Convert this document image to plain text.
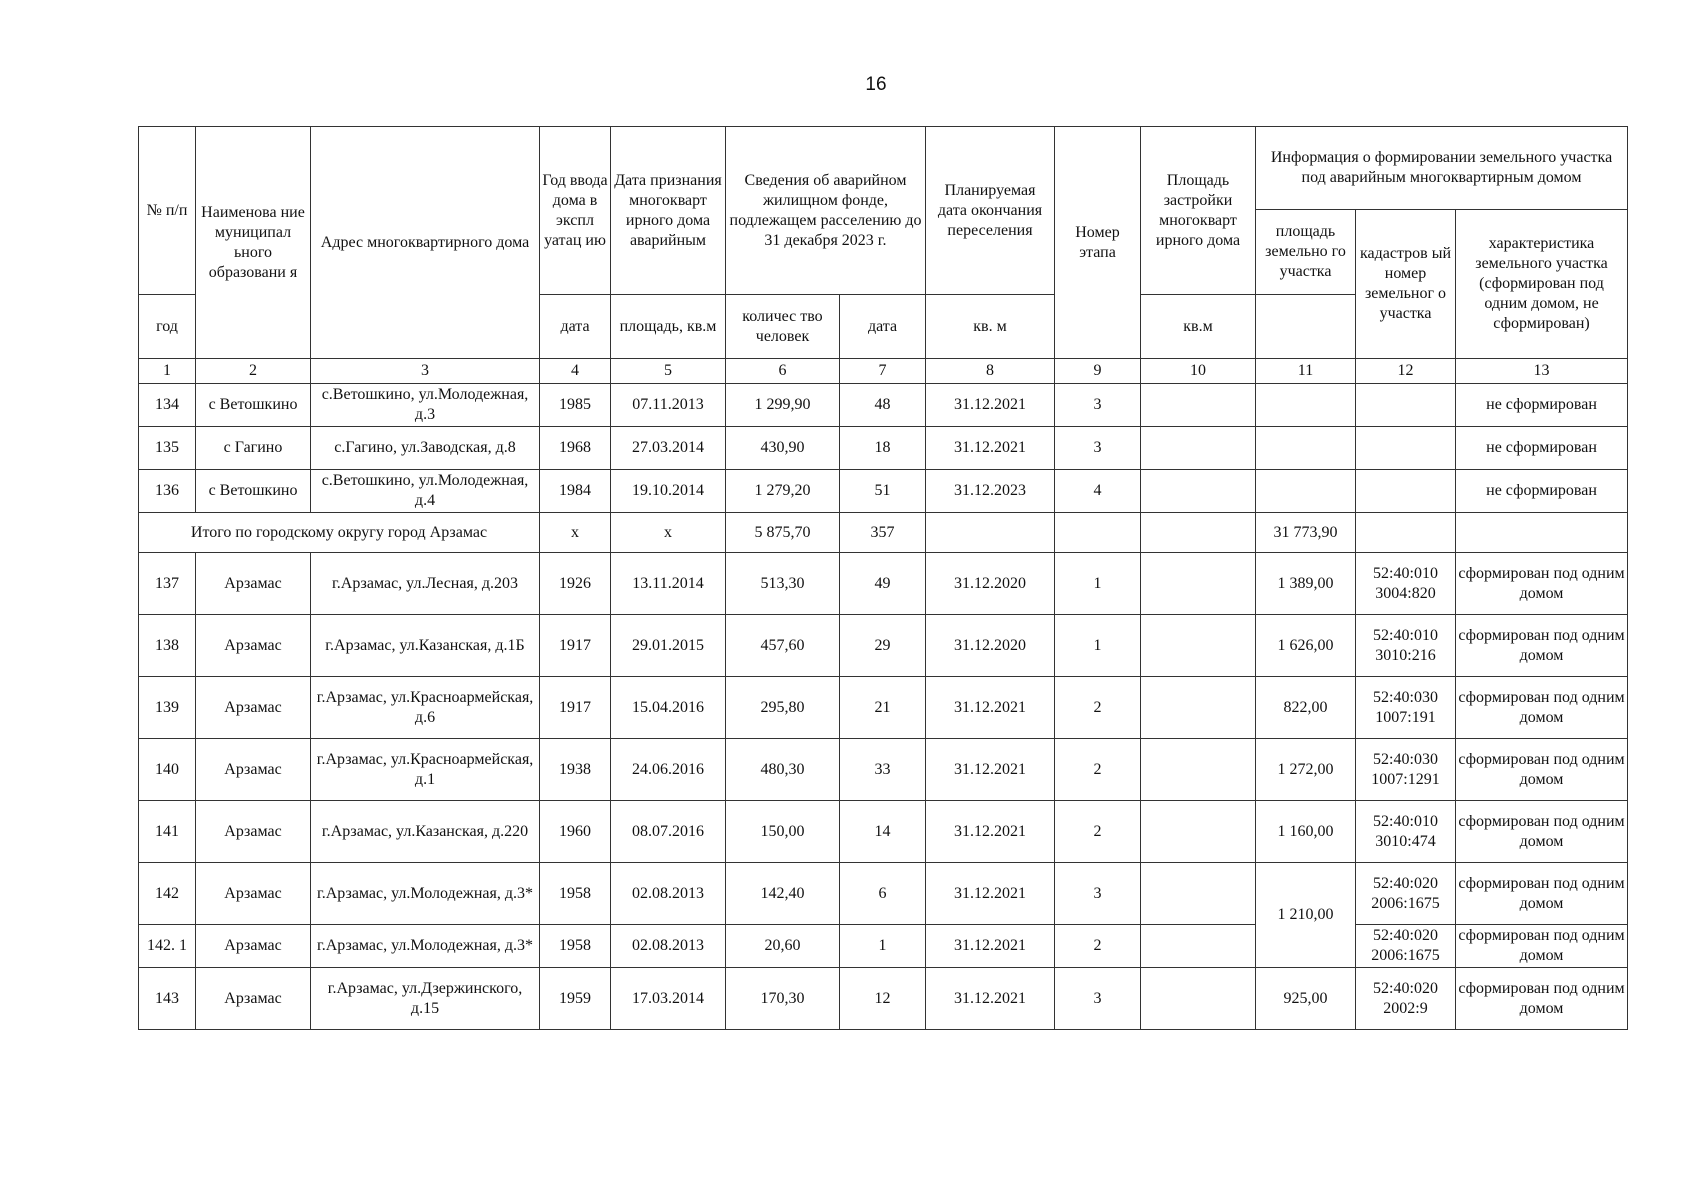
16
№ п/п	Наименова ние муниципал ьного образовани я	Адрес многоквартирного дома	Год ввода дома в экспл уатац ию	Дата признания многокварт ирного дома аварийным	Сведения об аварийном жилищном фонде, подлежащем расселению до 31 декабря 2023 г.		Планируемая дата окончания переселения	Номер этапа	Площадь застройки многокварт ирного дома	Информация о формировании земельного участка под аварийным многоквартирным домом		
										площадь земельно го участка	кадастров ый номер земельног о участка	характеристика земельного участка (сформирован под одним домом, не сформирован)
год			дата	площадь, кв.м	количес тво человек	дата	кв. м		кв.м			
1	2	3	4	5	6	7	8	9	10	11	12	13
134	с Ветошкино	с.Ветошкино, ул.Молодежная, д.3	1985	07.11.2013	1 299,90	48	31.12.2021	3				не сформирован
135	с Гагино	с.Гагино, ул.Заводская, д.8	1968	27.03.2014	430,90	18	31.12.2021	3				не сформирован
136	с Ветошкино	с.Ветошкино, ул.Молодежная, д.4	1984	19.10.2014	1 279,20	51	31.12.2023	4				не сформирован
Итого по городскому округу город Арзамас			x	x	5 875,70	357				31 773,90		
137	Арзамас	г.Арзамас, ул.Лесная, д.203	1926	13.11.2014	513,30	49	31.12.2020	1		1 389,00	52:40:010 3004:820	сформирован под одним домом
138	Арзамас	г.Арзамас, ул.Казанская, д.1Б	1917	29.01.2015	457,60	29	31.12.2020	1		1 626,00	52:40:010 3010:216	сформирован под одним домом
139	Арзамас	г.Арзамас, ул.Красноармейская, д.6	1917	15.04.2016	295,80	21	31.12.2021	2		822,00	52:40:030 1007:191	сформирован под одним домом
140	Арзамас	г.Арзамас, ул.Красноармейская, д.1	1938	24.06.2016	480,30	33	31.12.2021	2		1 272,00	52:40:030 1007:1291	сформирован под одним домом
141	Арзамас	г.Арзамас, ул.Казанская, д.220	1960	08.07.2016	150,00	14	31.12.2021	2		1 160,00	52:40:010 3010:474	сформирован под одним домом
142	Арзамас	г.Арзамас, ул.Молодежная, д.3*	1958	02.08.2013	142,40	6	31.12.2021	3		1 210,00	52:40:020 2006:1675	сформирован под одним домом
142. 1	Арзамас	г.Арзамас, ул.Молодежная, д.3*	1958	02.08.2013	20,60	1	31.12.2021	2			52:40:020 2006:1675	сформирован под одним домом
143	Арзамас	г.Арзамас, ул.Дзержинского, д.15	1959	17.03.2014	170,30	12	31.12.2021	3		925,00	52:40:020 2002:9	сформирован под одним домом
